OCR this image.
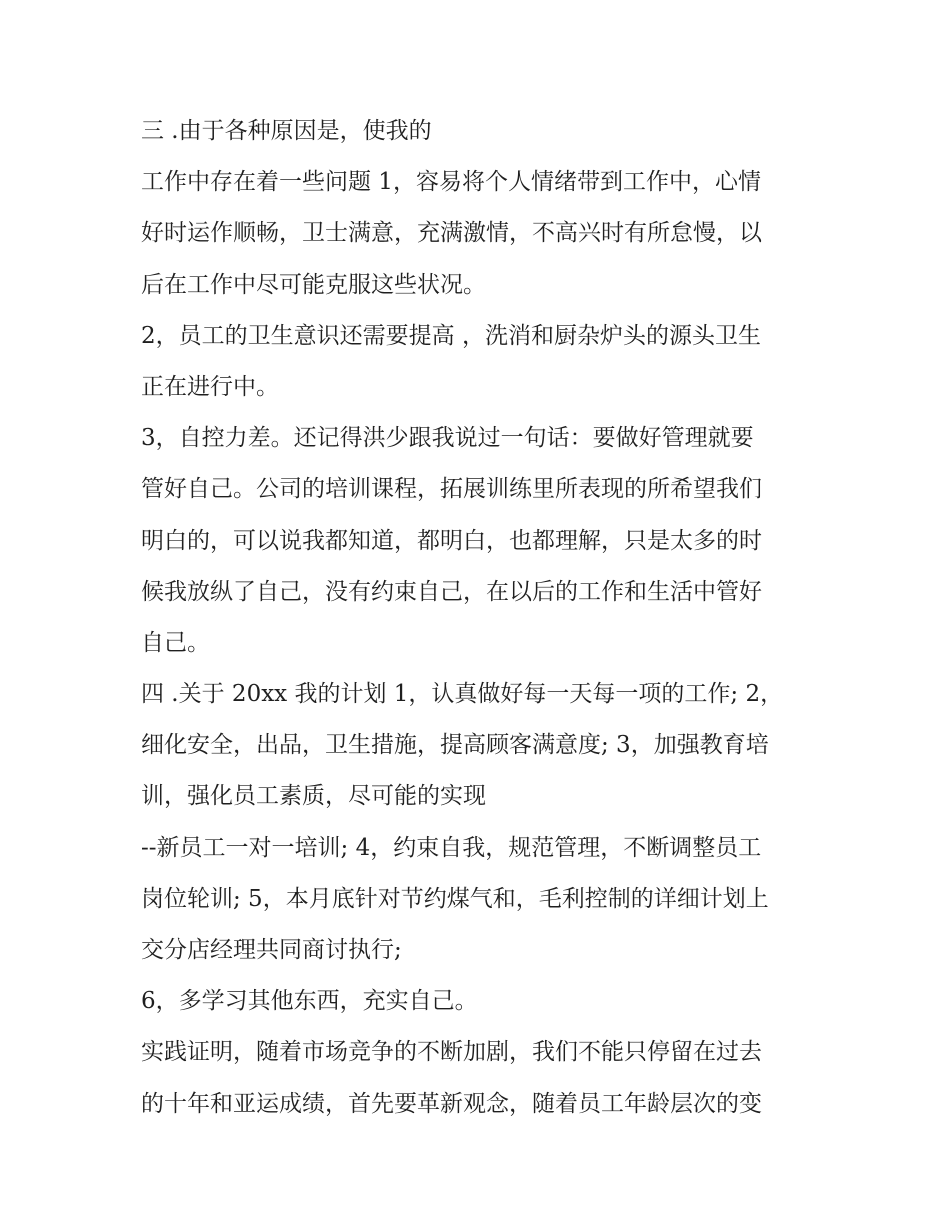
三 .由于各种原因是，使我的
工作中存在着一些问题 1，容易将个人情绪带到工作中，心情
好时运作顺畅，卫士满意，充满激情，不高兴时有所怠慢，以
后在工作中尽可能克服这些状况。
2，员工的卫生意识还需要提高 ，洗消和厨杂炉头的源头卫生
正在进行中。
3，自控力差。还记得洪少跟我说过一句话：要做好管理就要
管好自己。公司的培训课程，拓展训练里所表现的所希望我们
明白的，可以说我都知道，都明白，也都理解，只是太多的时
候我放纵了自己，没有约束自己，在以后的工作和生活中管好
自己。
四 .关于 20xx 我的计划 1，认真做好每一天每一项的工作; 2，
细化安全，出品，卫生措施，提高顾客满意度; 3，加强教育培
训，强化员工素质，尽可能的实现
--新员工一对一培训; 4，约束自我，规范管理，不断调整员工
岗位轮训; 5，本月底针对节约煤气和，毛利控制的详细计划上
交分店经理共同商讨执行;
6，多学习其他东西，充实自己。
实践证明，随着市场竞争的不断加剧，我们不能只停留在过去
的十年和亚运成绩，首先要革新观念，随着员工年龄层次的变
